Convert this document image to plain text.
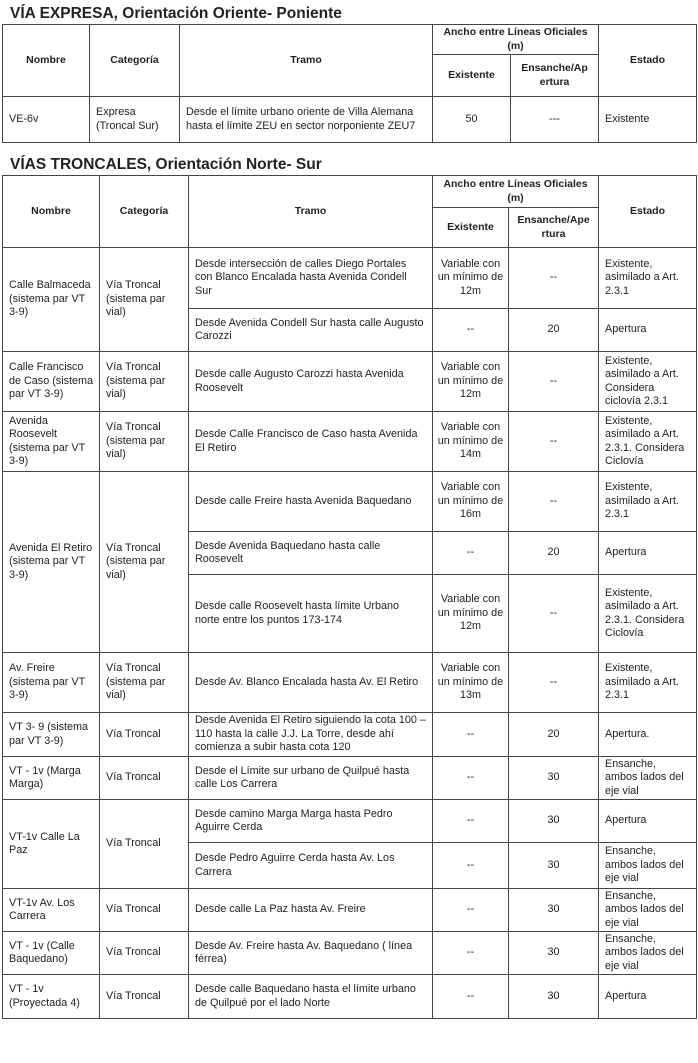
VÍA EXPRESA, Orientación Oriente- Poniente
Nombre	Categoría	Tramo	Ancho entre Líneas Oficiales (m)		Estado
			Existente	Ensanche/Ap ertura	
VE-6v	Expresa (Troncal Sur)	Desde el límite urbano oriente de Villa Alemana hasta el límite ZEU en sector norponiente ZEU7	50	---	Existente
VÍAS TRONCALES, Orientación Norte- Sur
Nombre	Categoría	Tramo	Ancho entre Líneas Oficiales (m)		Estado
			Existente	Ensanche/Ape rtura	
Calle Balmaceda (sistema par VT 3-9)	Vía Troncal (sistema par vial)	Desde intersección de calles Diego Portales con Blanco Encalada hasta Avenida Condell Sur	Variable con un mínimo de 12m	--	Existente, asimilado a Art. 2.3.1
		Desde Avenida Condell Sur hasta calle Augusto Carozzi	--	20	Apertura
Calle Francisco de Caso (sistema par VT 3-9)	Vía Troncal (sistema par vial)	Desde calle Augusto Carozzi hasta Avenida Roosevelt	Variable con un mínimo de 12m	--	Existente, asimilado a Art. Considera ciclovía 2.3.1
Avenida Roosevelt (sistema par VT 3-9)	Vía Troncal (sistema par vial)	Desde Calle Francisco de Caso hasta Avenida El Retiro	Variable con un mínimo de 14m	--	Existente, asimilado a Art. 2.3.1. Considera Ciclovía
Avenida El Retiro (sistema par VT 3-9)	Vía Troncal (sistema par vial)	Desde calle Freire hasta Avenida Baquedano	Variable con un mínimo de 16m	--	Existente, asimilado a Art. 2.3.1
		Desde Avenida Baquedano hasta calle Roosevelt	--	20	Apertura
		Desde calle Roosevelt hasta límite Urbano norte entre los puntos 173-174	Variable con un mínimo de 12m	--	Existente, asimilado a Art. 2.3.1. Considera Ciclovía
Av. Freire (sistema par VT 3-9)	Vía Troncal (sistema par vial)	Desde Av. Blanco Encalada hasta Av. El Retiro	Variable con un mínimo de 13m	--	Existente, asimilado a Art. 2.3.1
VT 3- 9 (sistema par VT 3-9)	Vía Troncal	Desde Avenida El Retiro siguiendo la cota 100 – 110 hasta la calle J.J. La Torre, desde ahí comienza a subir hasta cota 120	--	20	Apertura.
VT - 1v (Marga Marga)	Vía Troncal	Desde el Límite sur urbano de Quilpué hasta calle Los Carrera	--	30	Ensanche, ambos lados del eje vial
VT-1v Calle La Paz	Vía Troncal	Desde camino Marga Marga hasta Pedro Aguirre Cerda	--	30	Apertura
		Desde Pedro Aguirre Cerda hasta Av. Los Carrera	--	30	Ensanche, ambos lados del eje vial
VT-1v Av. Los Carrera	Vía Troncal	Desde calle La Paz hasta Av. Freire	--	30	Ensanche, ambos lados del eje vial
VT - 1v (Calle Baquedano)	Vía Troncal	Desde Av. Freire hasta Av. Baquedano ( línea férrea)	--	30	Ensanche, ambos lados del eje vial
VT - 1v (Proyectada 4)	Vía Troncal	Desde calle Baquedano hasta el límite urbano de Quilpué por el lado Norte	--	30	Apertura
